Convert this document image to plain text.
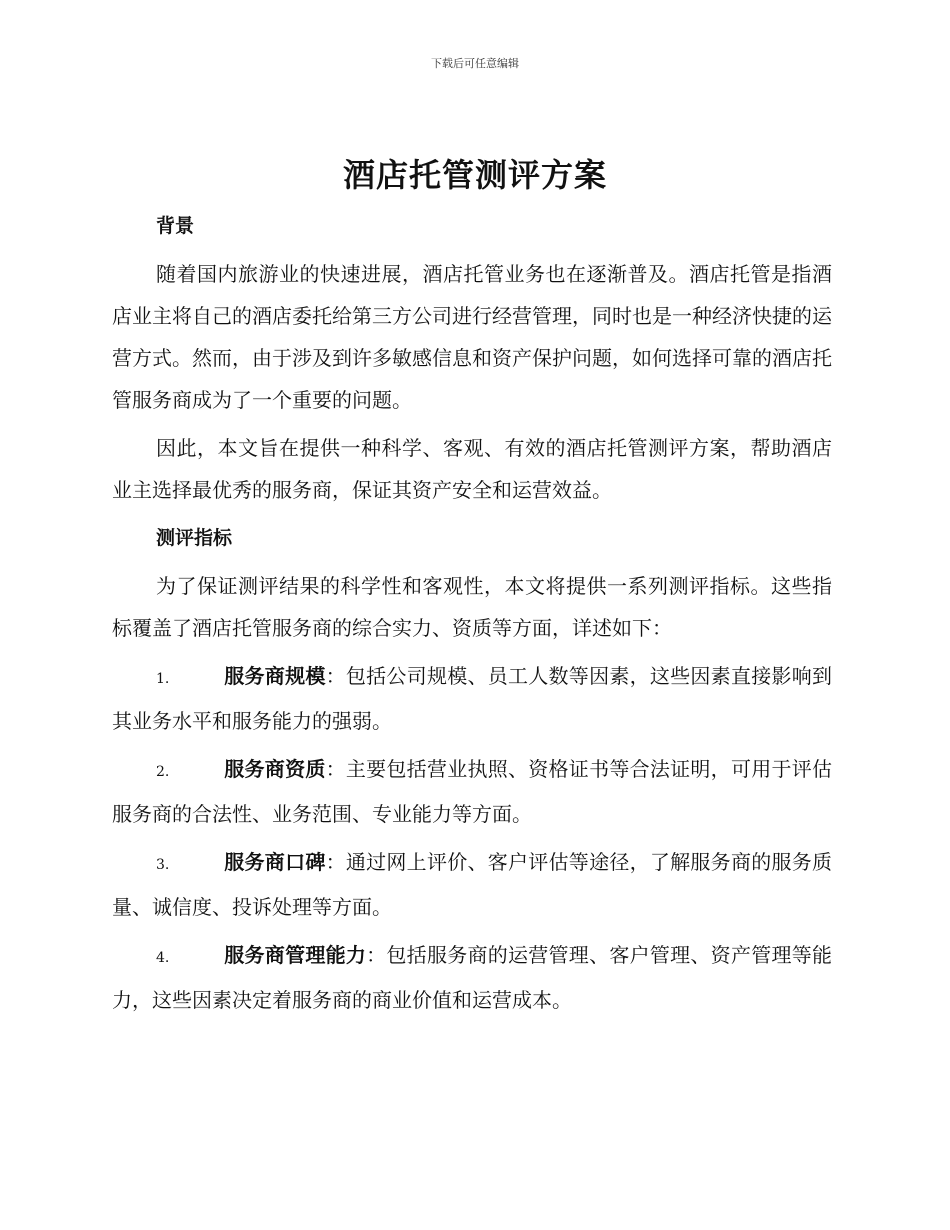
下载后可任意编辑
酒店托管测评方案
背景

随着国内旅游业的快速进展，酒店托管业务也在逐渐普及。酒店托管是指酒店业主将自己的酒店委托给第三方公司进行经营管理，同时也是一种经济快捷的运营方式。然而，由于涉及到许多敏感信息和资产保护问题，如何选择可靠的酒店托管服务商成为了一个重要的问题。

因此，本文旨在提供一种科学、客观、有效的酒店托管测评方案，帮助酒店业主选择最优秀的服务商，保证其资产安全和运营效益。

测评指标

为了保证测评结果的科学性和客观性，本文将提供一系列测评指标。这些指标覆盖了酒店托管服务商的综合实力、资质等方面，详述如下：

1.	服务商规模：包括公司规模、员工人数等因素，这些因素直接影响到其业务水平和服务能力的强弱。

2.	服务商资质：主要包括营业执照、资格证书等合法证明，可用于评估服务商的合法性、业务范围、专业能力等方面。

3.	服务商口碑：通过网上评价、客户评估等途径，了解服务商的服务质量、诚信度、投诉处理等方面。

4.	服务商管理能力：包括服务商的运营管理、客户管理、资产管理等能力，这些因素决定着服务商的商业价值和运营成本。
